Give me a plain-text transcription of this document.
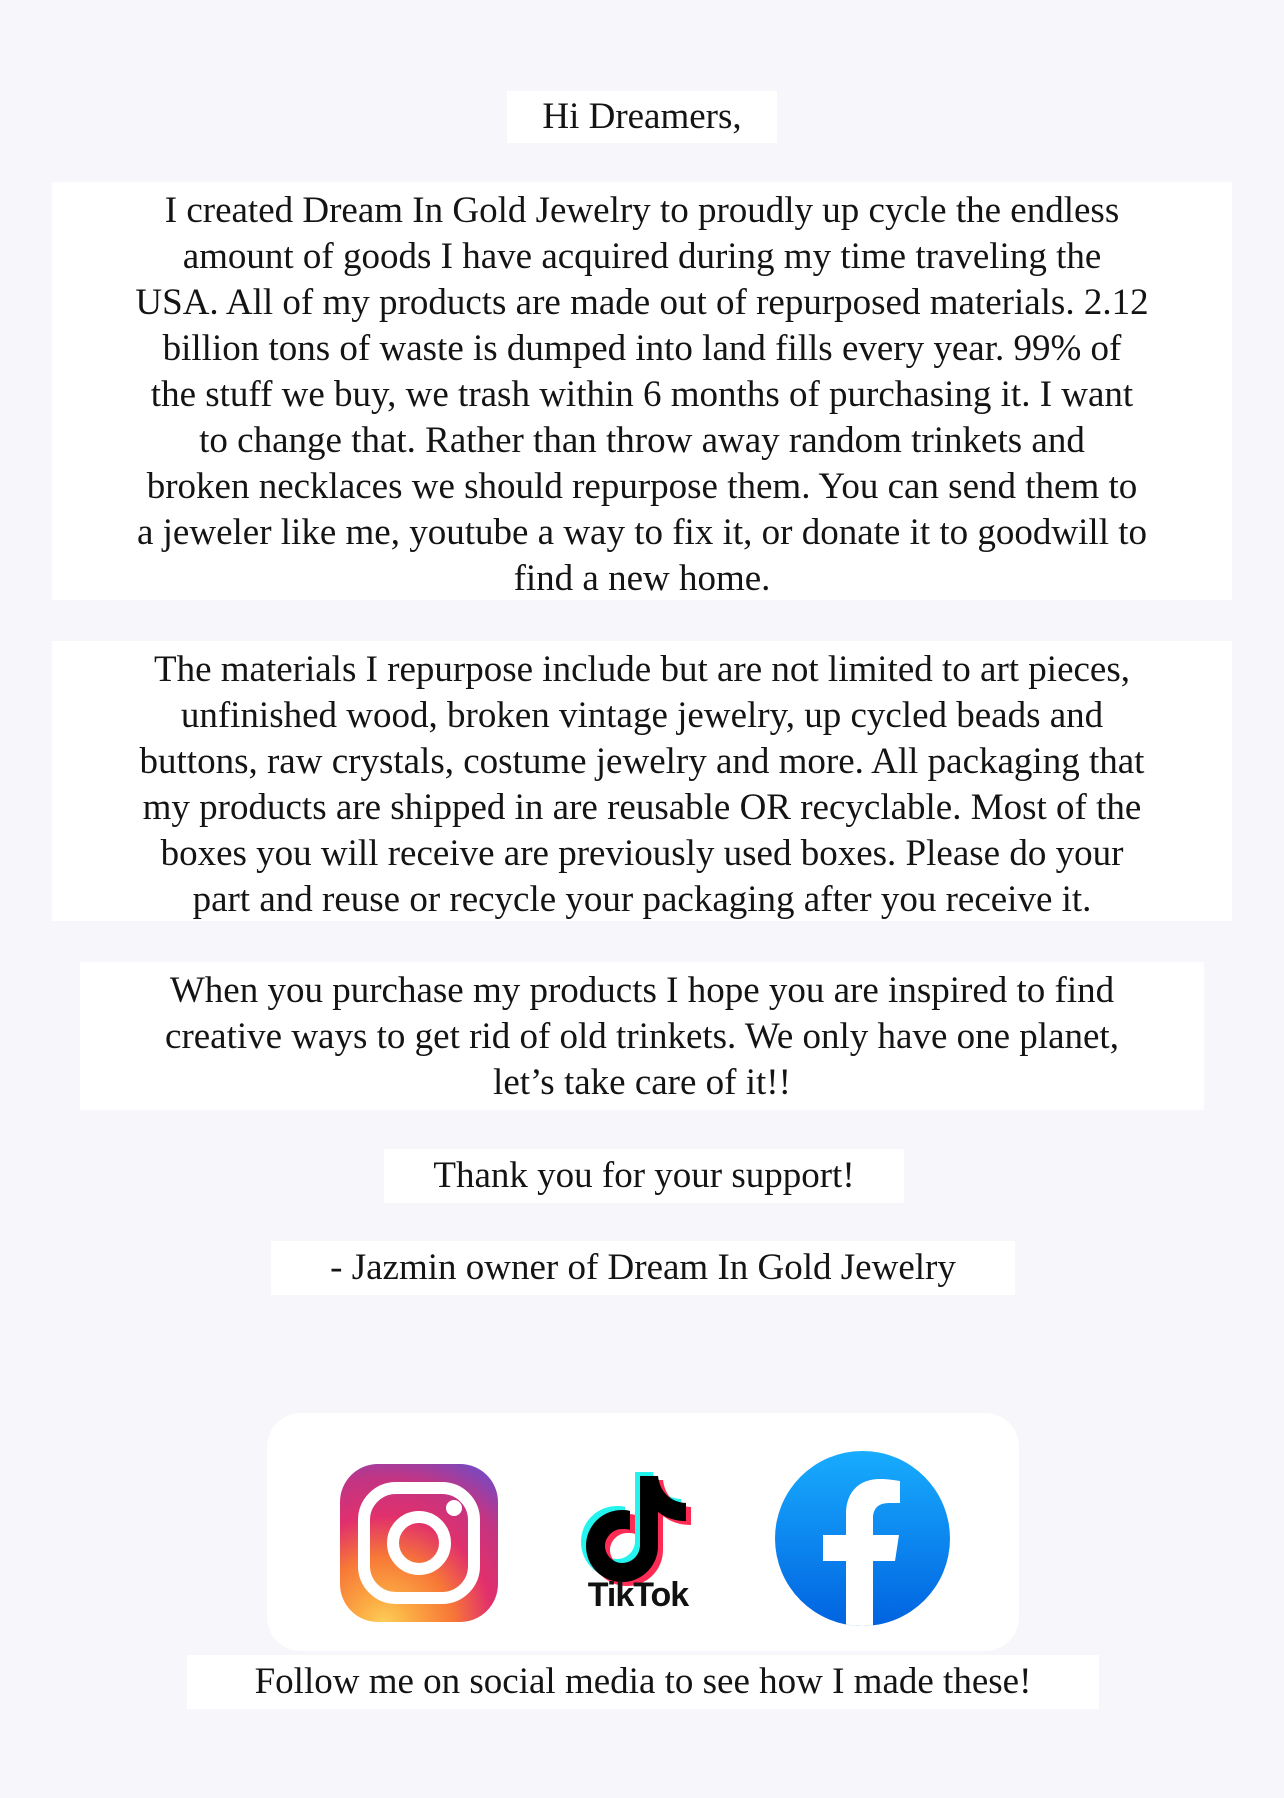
Hi Dreamers,
I created Dream In Gold Jewelry to proudly up cycle the endless
amount of goods I have acquired during my time traveling the
USA. All of my products are made out of repurposed materials. 2.12
billion tons of waste is dumped into land fills every year. 99% of
the stuff we buy, we trash within 6 months of purchasing it. I want
to change that. Rather than throw away random trinkets and
broken necklaces we should repurpose them. You can send them to
a jeweler like me, youtube a way to fix it, or donate it to goodwill to
find a new home.
The materials I repurpose include but are not limited to art pieces,
unfinished wood, broken vintage jewelry, up cycled beads and
buttons, raw crystals, costume jewelry and more. All packaging that
my products are shipped in are reusable OR recyclable. Most of the
boxes you will receive are previously used boxes. Please do your
part and reuse or recycle your packaging after you receive it.
When you purchase my products I hope you are inspired to find
creative ways to get rid of old trinkets. We only have one planet,
let’s take care of it!!
Thank you for your support!
- Jazmin owner of Dream In Gold Jewelry
TikTok
Follow me on social media to see how I made these!
